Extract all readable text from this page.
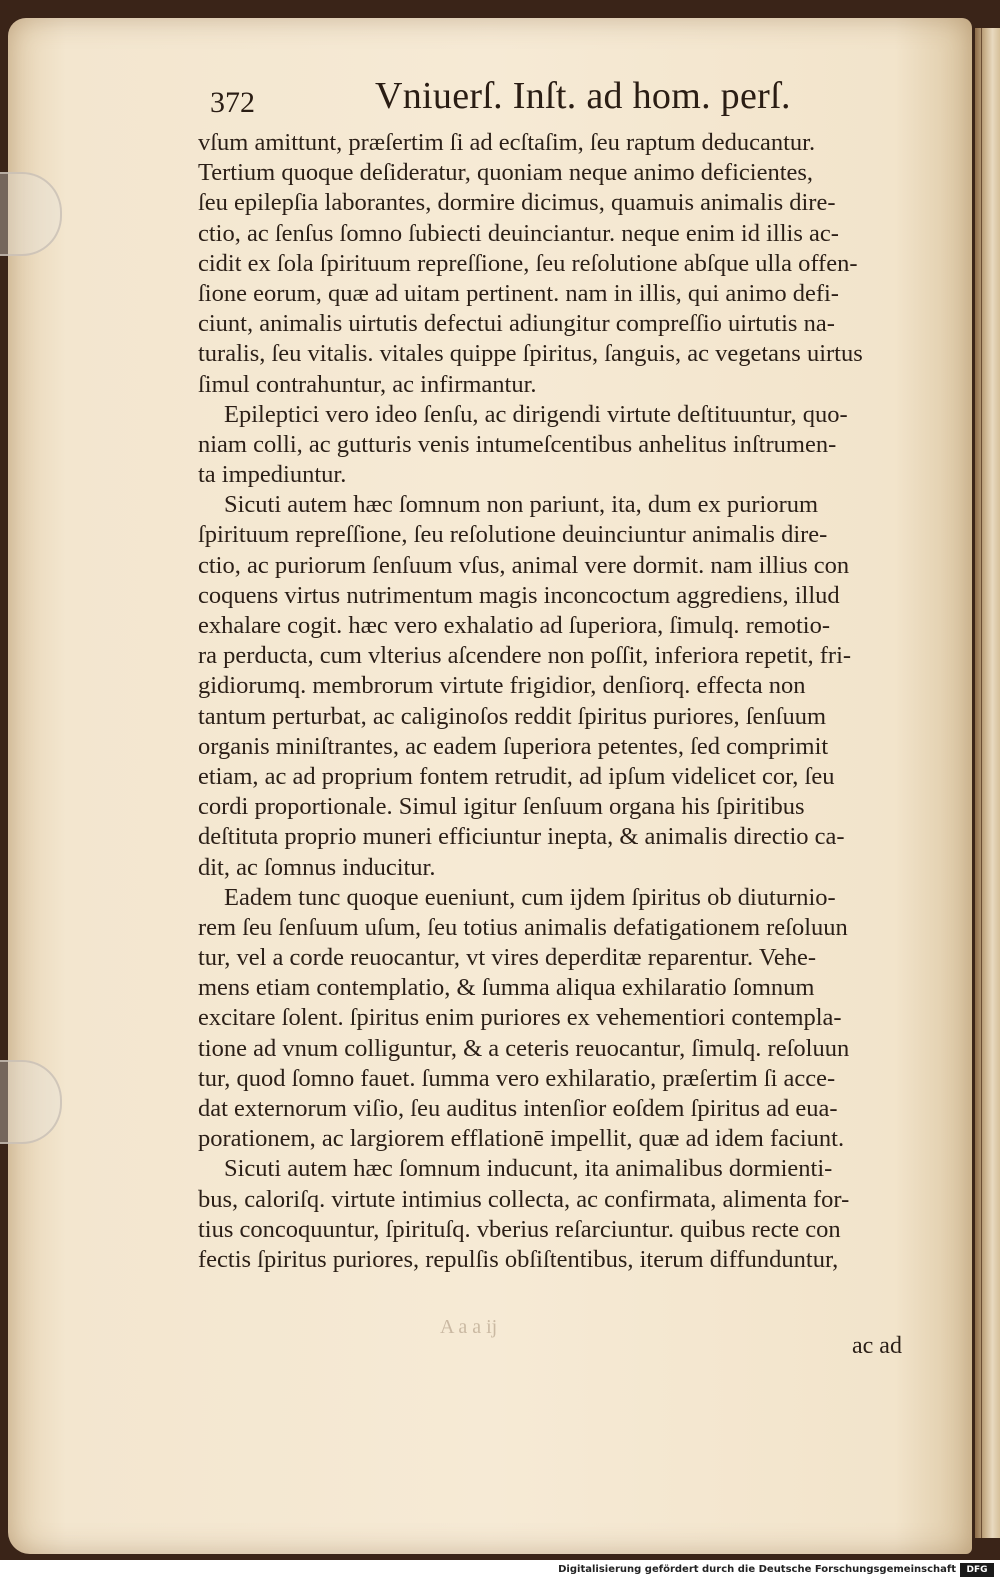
372	Vniuerſ. Inſt. ad hom. perſ.
vſum amittunt, præſertim ſi ad ecſtaſim, ſeu raptum deducantur.
Tertium quoque deſideratur, quoniam neque animo deficientes,
ſeu epilepſia laborantes, dormire dicimus, quamuis animalis dire-
ctio, ac ſenſus ſomno ſubiecti deuinciantur. neque enim id illis ac-
cidit ex ſola ſpirituum repreſſione, ſeu reſolutione abſque ulla offen-
ſione eorum, quæ ad uitam pertinent. nam in illis, qui animo defi-
ciunt, animalis uirtutis defectui adiungitur compreſſio uirtutis na-
turalis, ſeu vitalis. vitales quippe ſpiritus, ſanguis, ac vegetans uirtus
ſimul contrahuntur, ac infirmantur.
Epileptici vero ideo ſenſu, ac dirigendi virtute deſtituuntur, quo-
niam colli, ac gutturis venis intumeſcentibus anhelitus inſtrumen-
ta impediuntur.
Sicuti autem hæc ſomnum non pariunt, ita, dum ex puriorum
ſpirituum repreſſione, ſeu reſolutione deuinciuntur animalis dire-
ctio, ac puriorum ſenſuum vſus, animal vere dormit. nam illius con
coquens virtus nutrimentum magis inconcoctum aggrediens, illud
exhalare cogit. hæc vero exhalatio ad ſuperiora, ſimulq. remotio-
ra perducta, cum vlterius aſcendere non poſſit, inferiora repetit, fri-
gidiorumq. membrorum virtute frigidior, denſiorq. effecta non
tantum perturbat, ac caliginoſos reddit ſpiritus puriores, ſenſuum
organis miniſtrantes, ac eadem ſuperiora petentes, ſed comprimit
etiam, ac ad proprium fontem retrudit, ad ipſum videlicet cor, ſeu
cordi proportionale. Simul igitur ſenſuum organa his ſpiritibus
deſtituta proprio muneri efficiuntur inepta, & animalis directio ca-
dit, ac ſomnus inducitur.
Eadem tunc quoque eueniunt, cum ijdem ſpiritus ob diuturnio-
rem ſeu ſenſuum uſum, ſeu totius animalis defatigationem reſoluun
tur, vel a corde reuocantur, vt vires deperditæ reparentur. Vehe-
mens etiam contemplatio, & ſumma aliqua exhilaratio ſomnum
excitare ſolent. ſpiritus enim puriores ex vehementiori contempla-
tione ad vnum colliguntur, & a ceteris reuocantur, ſimulq. reſoluun
tur, quod ſomno fauet. ſumma vero exhilaratio, præſertim ſi acce-
dat externorum viſio, ſeu auditus intenſior eoſdem ſpiritus ad eua-
porationem, ac largiorem efflationē impellit, quæ ad idem faciunt.
Sicuti autem hæc ſomnum inducunt, ita animalibus dormienti-
bus, caloriſq. virtute intimius collecta, ac confirmata, alimenta for-
tius concoquuntur, ſpirituſq. vberius reſarciuntur. quibus recte con
fectis ſpiritus puriores, repulſis obſiſtentibus, iterum diffunduntur,
A a a ij
ac ad
Digitalisierung gefördert durch die Deutsche Forschungsgemeinschaft	DFG
